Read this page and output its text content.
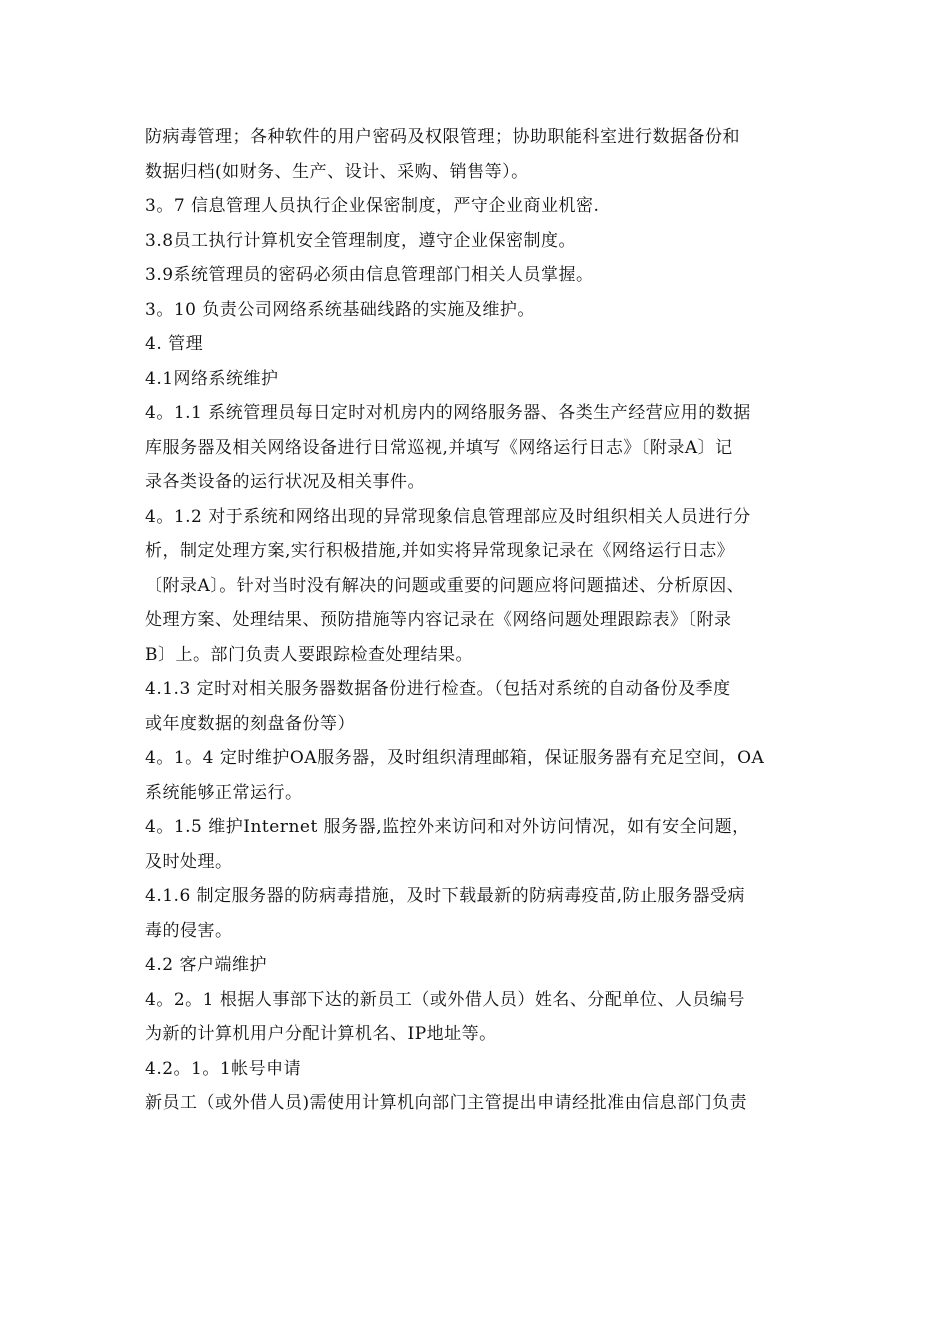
防病毒管理；各种软件的用户密码及权限管理；协助职能科室进行数据备份和
数据归档(如财务、生产、设计、采购、销售等）。
3。7 信息管理人员执行企业保密制度，严守企业商业机密.
3.8员工执行计算机安全管理制度，遵守企业保密制度。
3.9系统管理员的密码必须由信息管理部门相关人员掌握。
3。10 负责公司网络系统基础线路的实施及维护。
4. 管理
4.1网络系统维护
4。1.1 系统管理员每日定时对机房内的网络服务器、各类生产经营应用的数据
库服务器及相关网络设备进行日常巡视,并填写《网络运行日志》〔附录A〕记
录各类设备的运行状况及相关事件。
4。1.2 对于系统和网络出现的异常现象信息管理部应及时组织相关人员进行分
析，制定处理方案,实行积极措施,并如实将异常现象记录在《网络运行日志》
〔附录A〕。针对当时没有解决的问题或重要的问题应将问题描述、分析原因、
处理方案、处理结果、预防措施等内容记录在《网络问题处理跟踪表》〔附录
B〕上。部门负责人要跟踪检查处理结果。
4.1.3 定时对相关服务器数据备份进行检查。（包括对系统的自动备份及季度
或年度数据的刻盘备份等）
4。1。4 定时维护OA服务器，及时组织清理邮箱，保证服务器有充足空间，OA
系统能够正常运行。
4。1.5 维护Internet 服务器,监控外来访问和对外访问情况，如有安全问题，
及时处理。
4.1.6 制定服务器的防病毒措施，及时下载最新的防病毒疫苗,防止服务器受病
毒的侵害。
4.2 客户端维护
4。2。1 根据人事部下达的新员工（或外借人员）姓名、分配单位、人员编号
为新的计算机用户分配计算机名、IP地址等。
4.2。1。1帐号申请
新员工（或外借人员)需使用计算机向部门主管提出申请经批准由信息部门负责
